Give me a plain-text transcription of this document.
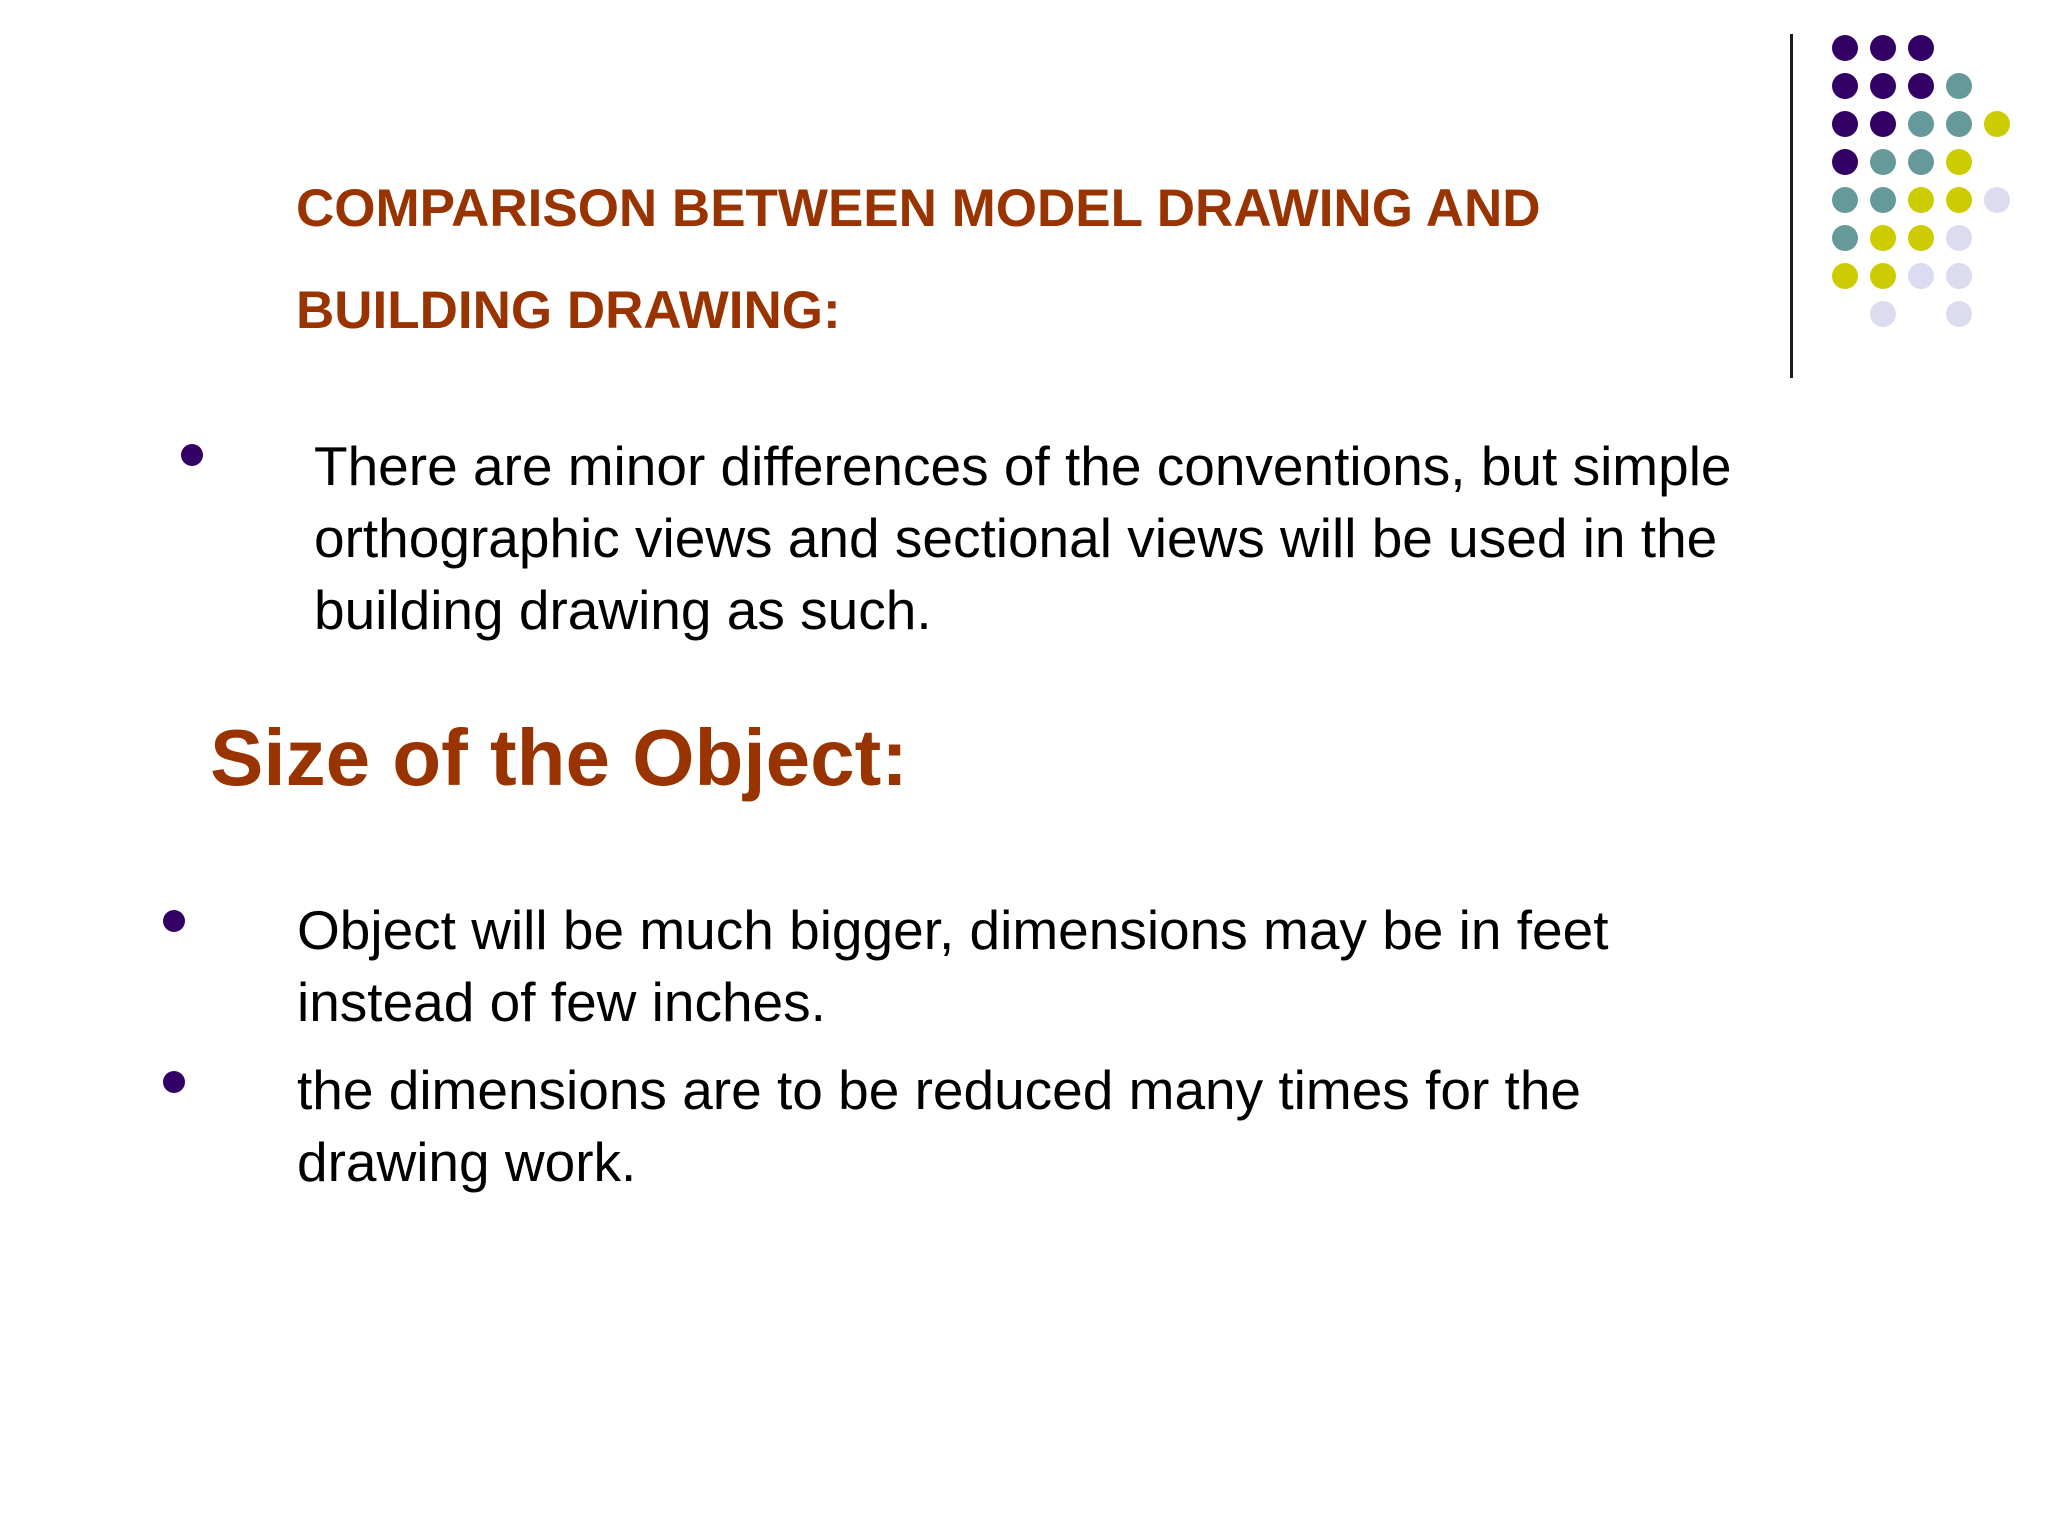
COMPARISON BETWEEN MODEL DRAWING AND
BUILDING DRAWING:
There are minor differences of the conventions, but simple
orthographic views and sectional views will be used in the
building drawing as such.
Size of the Object:
Object will be much bigger, dimensions may be in feet
instead of few inches.
the dimensions are to be reduced many times for the
drawing work.
